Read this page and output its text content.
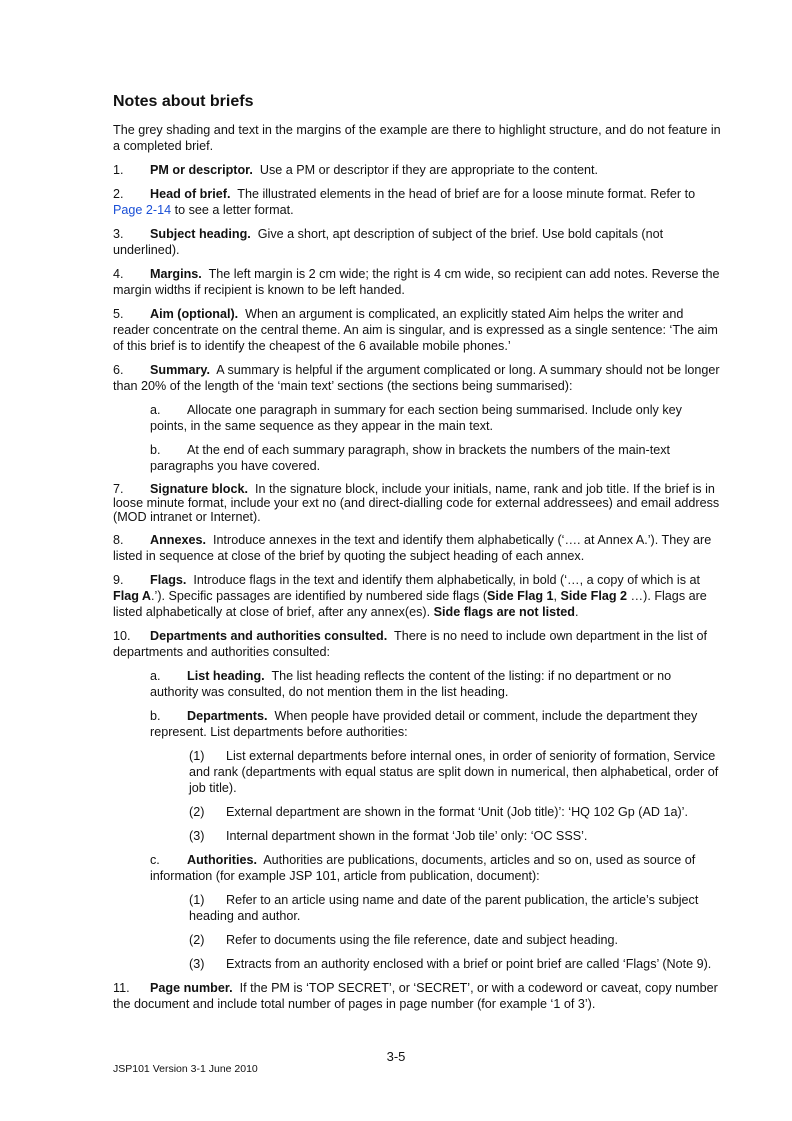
Notes about briefs

The grey shading and text in the margins of the example are there to highlight structure, and do not feature in a completed brief.

1. PM or descriptor. Use a PM or descriptor if they are appropriate to the content.

2. Head of brief. The illustrated elements in the head of brief are for a loose minute format. Refer to Page 2-14 to see a letter format.

3. Subject heading. Give a short, apt description of subject of the brief. Use bold capitals (not underlined).

4. Margins. The left margin is 2 cm wide; the right is 4 cm wide, so recipient can add notes. Reverse the margin widths if recipient is known to be left handed.

5. Aim (optional). When an argument is complicated, an explicitly stated Aim helps the writer and reader concentrate on the central theme. An aim is singular, and is expressed as a single sentence: ‘The aim of this brief is to identify the cheapest of the 6 available mobile phones.’

6. Summary. A summary is helpful if the argument complicated or long. A summary should not be longer than 20% of the length of the ‘main text’ sections (the sections being summarised):

a. Allocate one paragraph in summary for each section being summarised. Include only key points, in the same sequence as they appear in the main text.

b. At the end of each summary paragraph, show in brackets the numbers of the main-text paragraphs you have covered.

7. Signature block. In the signature block, include your initials, name, rank and job title. If the brief is in loose minute format, include your ext no (and direct-dialling code for external addressees) and email address (MOD intranet or Internet).

8. Annexes. Introduce annexes in the text and identify them alphabetically (‘…. at Annex A.’). They are listed in sequence at close of the brief by quoting the subject heading of each annex.

9. Flags. Introduce flags in the text and identify them alphabetically, in bold (‘…, a copy of which is at Flag A.’). Specific passages are identified by numbered side flags (Side Flag 1, Side Flag 2 …). Flags are listed alphabetically at close of brief, after any annex(es). Side flags are not listed.

10. Departments and authorities consulted. There is no need to include own department in the list of departments and authorities consulted:

a. List heading. The list heading reflects the content of the listing: if no department or no authority was consulted, do not mention them in the list heading.

b. Departments. When people have provided detail or comment, include the department they represent. List departments before authorities:

(1) List external departments before internal ones, in order of seniority of formation, Service and rank (departments with equal status are split down in numerical, then alphabetical, order of job title).

(2) External department are shown in the format ‘Unit (Job title)’: ‘HQ 102 Gp (AD 1a)’.

(3) Internal department shown in the format ‘Job tile’ only: ‘OC SSS’.

c. Authorities. Authorities are publications, documents, articles and so on, used as source of information (for example JSP 101, article from publication, document):

(1) Refer to an article using name and date of the parent publication, the article’s subject heading and author.

(2) Refer to documents using the file reference, date and subject heading.

(3) Extracts from an authority enclosed with a brief or point brief are called ‘Flags’ (Note 9).

11. Page number. If the PM is ‘TOP SECRET’, or ‘SECRET’, or with a codeword or caveat, copy number the document and include total number of pages in page number (for example ‘1 of 3’).

3-5
JSP101 Version 3-1 June 2010
